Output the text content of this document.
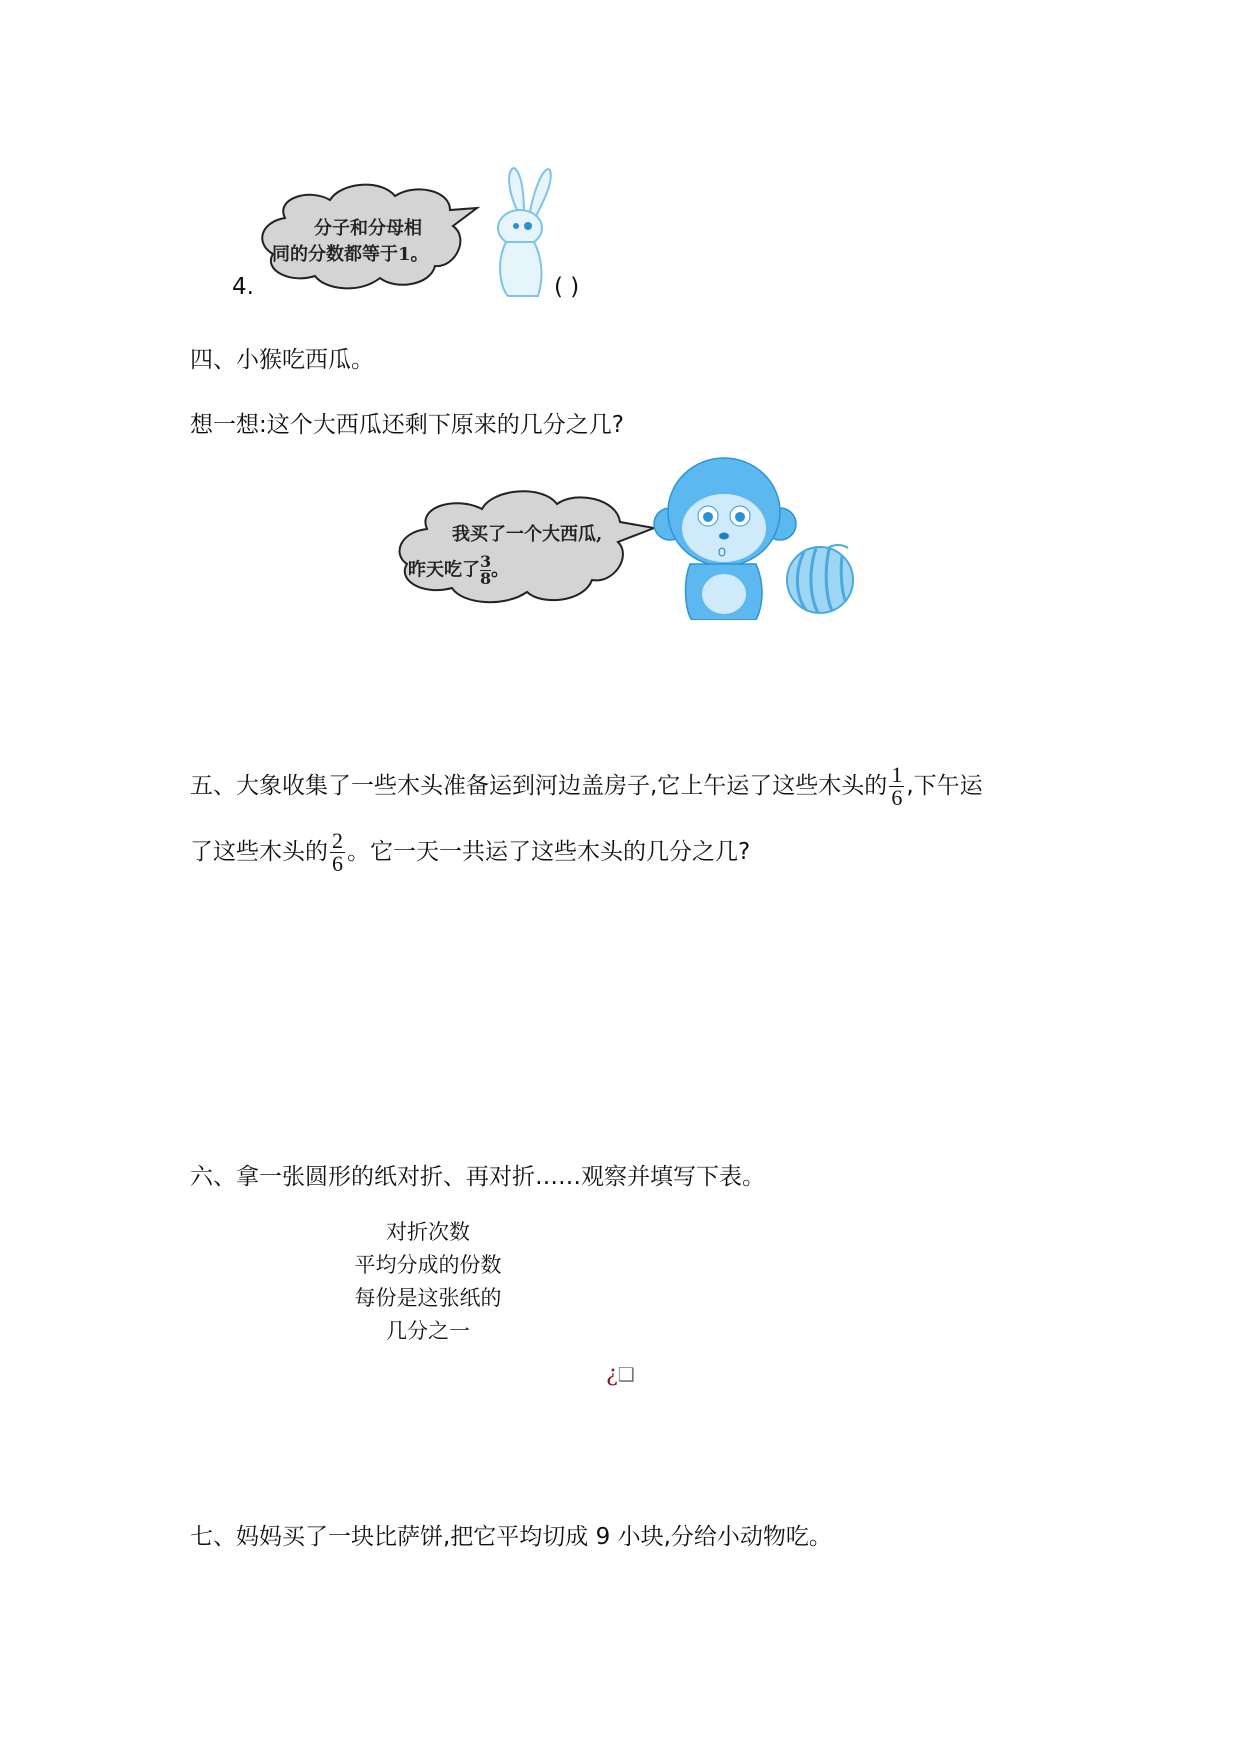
4.
分子和分母相
同的分数都等于1。
( )
四、小猴吃西瓜。
想一想:这个大西瓜还剩下原来的几分之几?
我买了一个大西瓜,
昨天吃了 $\frac{3}{8}$ 。
五、大象收集了一些木头准备运到河边盖房子,它上午运了这些木头的 $\frac{1}{6}$ ,下午运
了这些木头的 $\frac{2}{6}$ 。它一天一共运了这些木头的几分之几?
六、拿一张圆形的纸对折、再对折……观察并填写下表。
对折次数
平均分成的份数
每份是这张纸的
几分之一
¿❑
七、妈妈买了一块比萨饼,把它平均切成 9 小块,分给小动物吃。
